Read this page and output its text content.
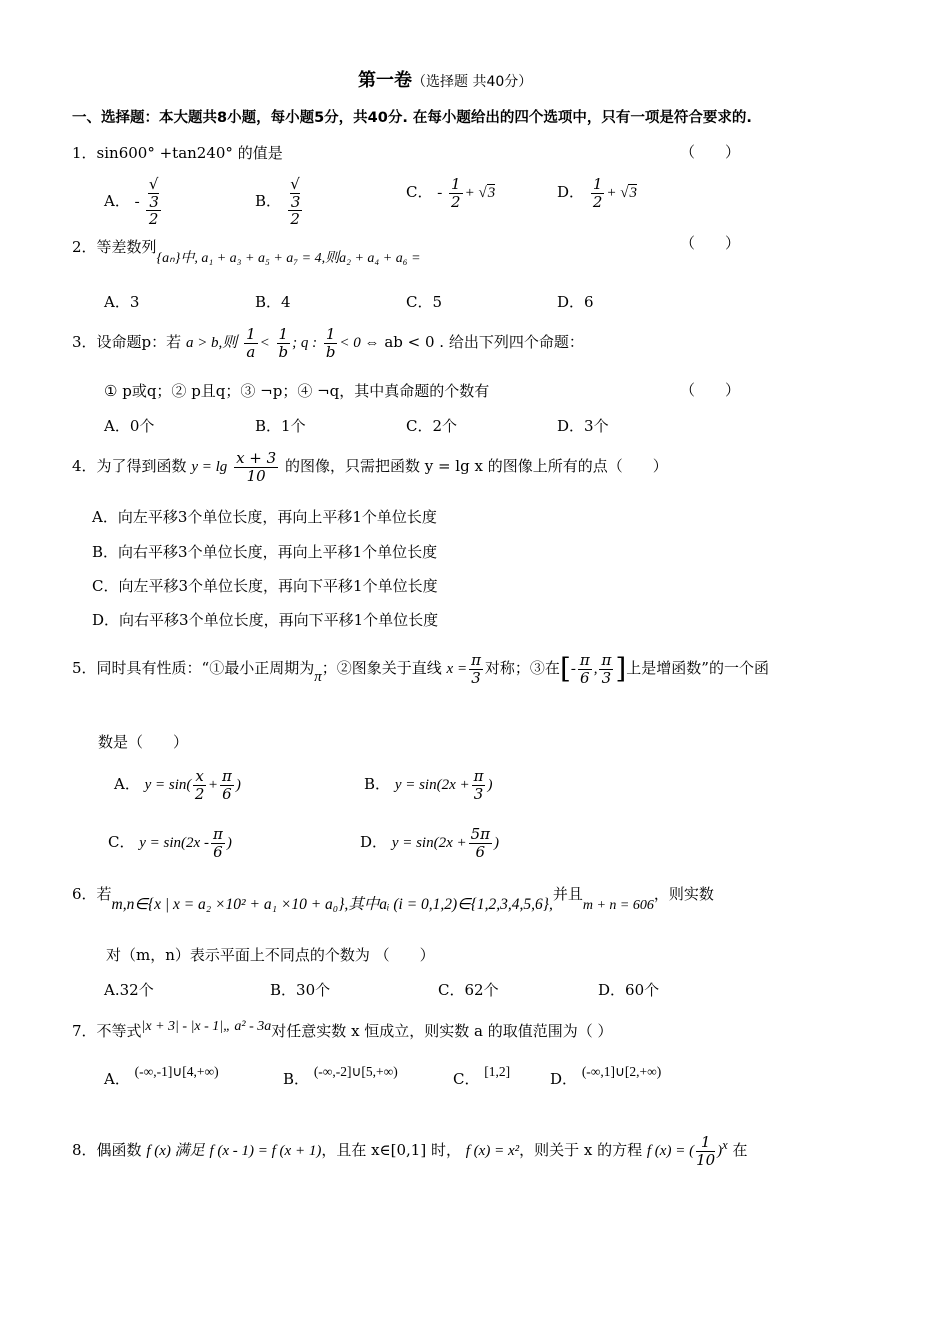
第一卷（选择题 共40分）
一、选择题：本大题共8小题，每小题5分，共40分. 在每小题给出的四个选项中，只有一项是符合要求的.
1．sin600° +tan240° 的值是	（　　）
A． - √
3
2	B． √
3
2	C． - $\frac{1}{2} + √3$	D． $\frac{1}{2} + √3$
2．等差数列{aₙ}中, a₁ + a₃ + a₅ + a₇ = 4,则a₂ + a₄ + a₆ =
（　　）
A．3	B．4	C．5	D．6
3．设命题p：若 a > b,则 $\frac{1}{a} < \frac{1}{b}$ ; q : $\frac{1}{b} < 0$ ⇔ ab < 0 . 给出下列四个命题：
① p或q；② p且q；③ ¬p；④ ¬q，其中真命题的个数有	（　　）
A．0个	B．1个	C．2个	D．3个
4．为了得到函数 $y = \lg \frac{x + 3}{10}$ 的图像，只需把函数 y = lg x 的图像上所有的点（　　）
A．向左平移3个单位长度，再向上平移1个单位长度
B．向右平移3个单位长度，再向上平移1个单位长度
C．向左平移3个单位长度，再向下平移1个单位长度
D．向右平移3个单位长度，再向下平移1个单位长度
5．同时具有性质：“①最小正周期为π；②图象关于直线 $x = \frac{\pi}{3}$ 对称；③在[- $\frac{\pi}{6}$ , $\frac{\pi}{3}$ ]上是增函数”的一个函
数是（　　）
A． $y = \sin( \frac{x}{2} + \frac{\pi}{6}$ )	B． $y = \sin(2x + \frac{\pi}{3}$ )
C． $y = \sin(2x - \frac{\pi}{6}$ )	D． $y = \sin(2x + \frac{5\pi}{6}$ )
6．若m,n∈{x | x = a₂ ×10² + a₁ ×10 + a₀},其中aᵢ (i = 0,1,2)∈{1,2,3,4,5,6},并且m + n = 606，则实数
对（m，n）表示平面上不同点的个数为 （　　）
A.32个	B．30个	C．62个	D．60个
7．不等式|x + 3| - |x - 1|„ a² - 3a对任意实数 x 恒成立，则实数 a 的取值范围为（ ）
A． (-∞,-1]∪[4,+∞)	B． (-∞,-2]∪[5,+∞)	C． [1,2]	D． (-∞,1]∪[2,+∞)
8．偶函数 f (x) 满足 f (x - 1) = f (x + 1)，且在 x∈[0,1] 时， f (x) = x²，则关于 x 的方程 f (x) = ( $\frac{1}{10} )^x$ 在
